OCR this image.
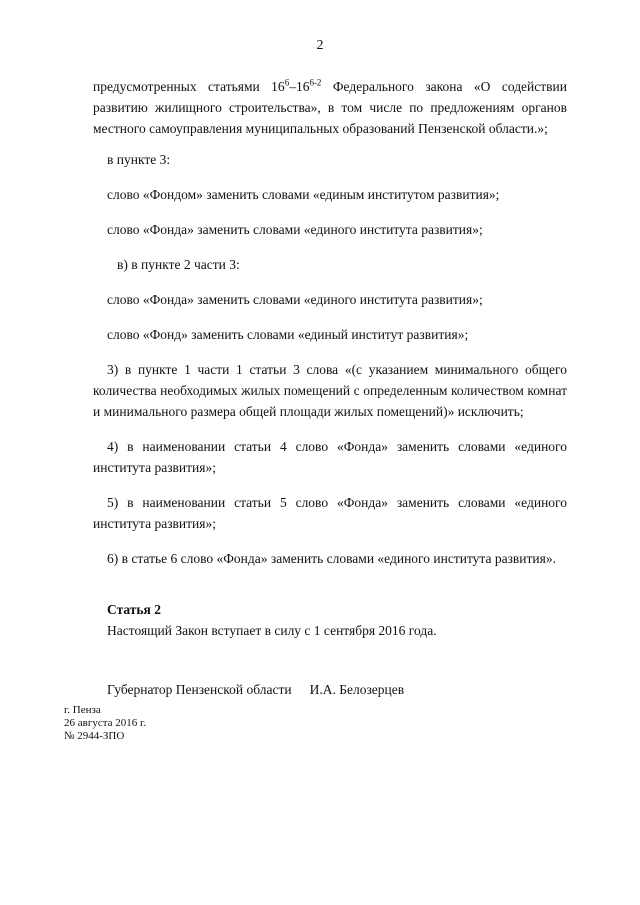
2

предусмотренных статьями $16^6-16^{6-2}$ Федерального закона «О содействии развитию жилищного строительства», в том числе по предложениям органов местного самоуправления муниципальных образований Пензенской области.»;

в пункте 3:

слово «Фондом» заменить словами «единым институтом развития»;

слово «Фонда» заменить словами «единого института развития»;

в) в пункте 2 части 3:

слово «Фонда» заменить словами «единого института развития»;

слово «Фонд» заменить словами «единый институт развития»;

3) в пункте 1 части 1 статьи 3 слова «(с указанием минимального общего количества необходимых жилых помещений с определенным количеством комнат и минимального размера общей площади жилых помещений)» исключить;

4) в наименовании статьи 4 слово «Фонда» заменить словами «единого института развития»;

5) в наименовании статьи 5 слово «Фонда» заменить словами «единого института развития»;

6) в статье 6 слово «Фонда» заменить словами «единого института развития».

Статья 2

Настоящий Закон вступает в силу с 1 сентября 2016 года.

Губернатор Пензенской области И.А. Белозерцев

г. Пенза
26 августа 2016 г.
№ 2944-ЗПО
